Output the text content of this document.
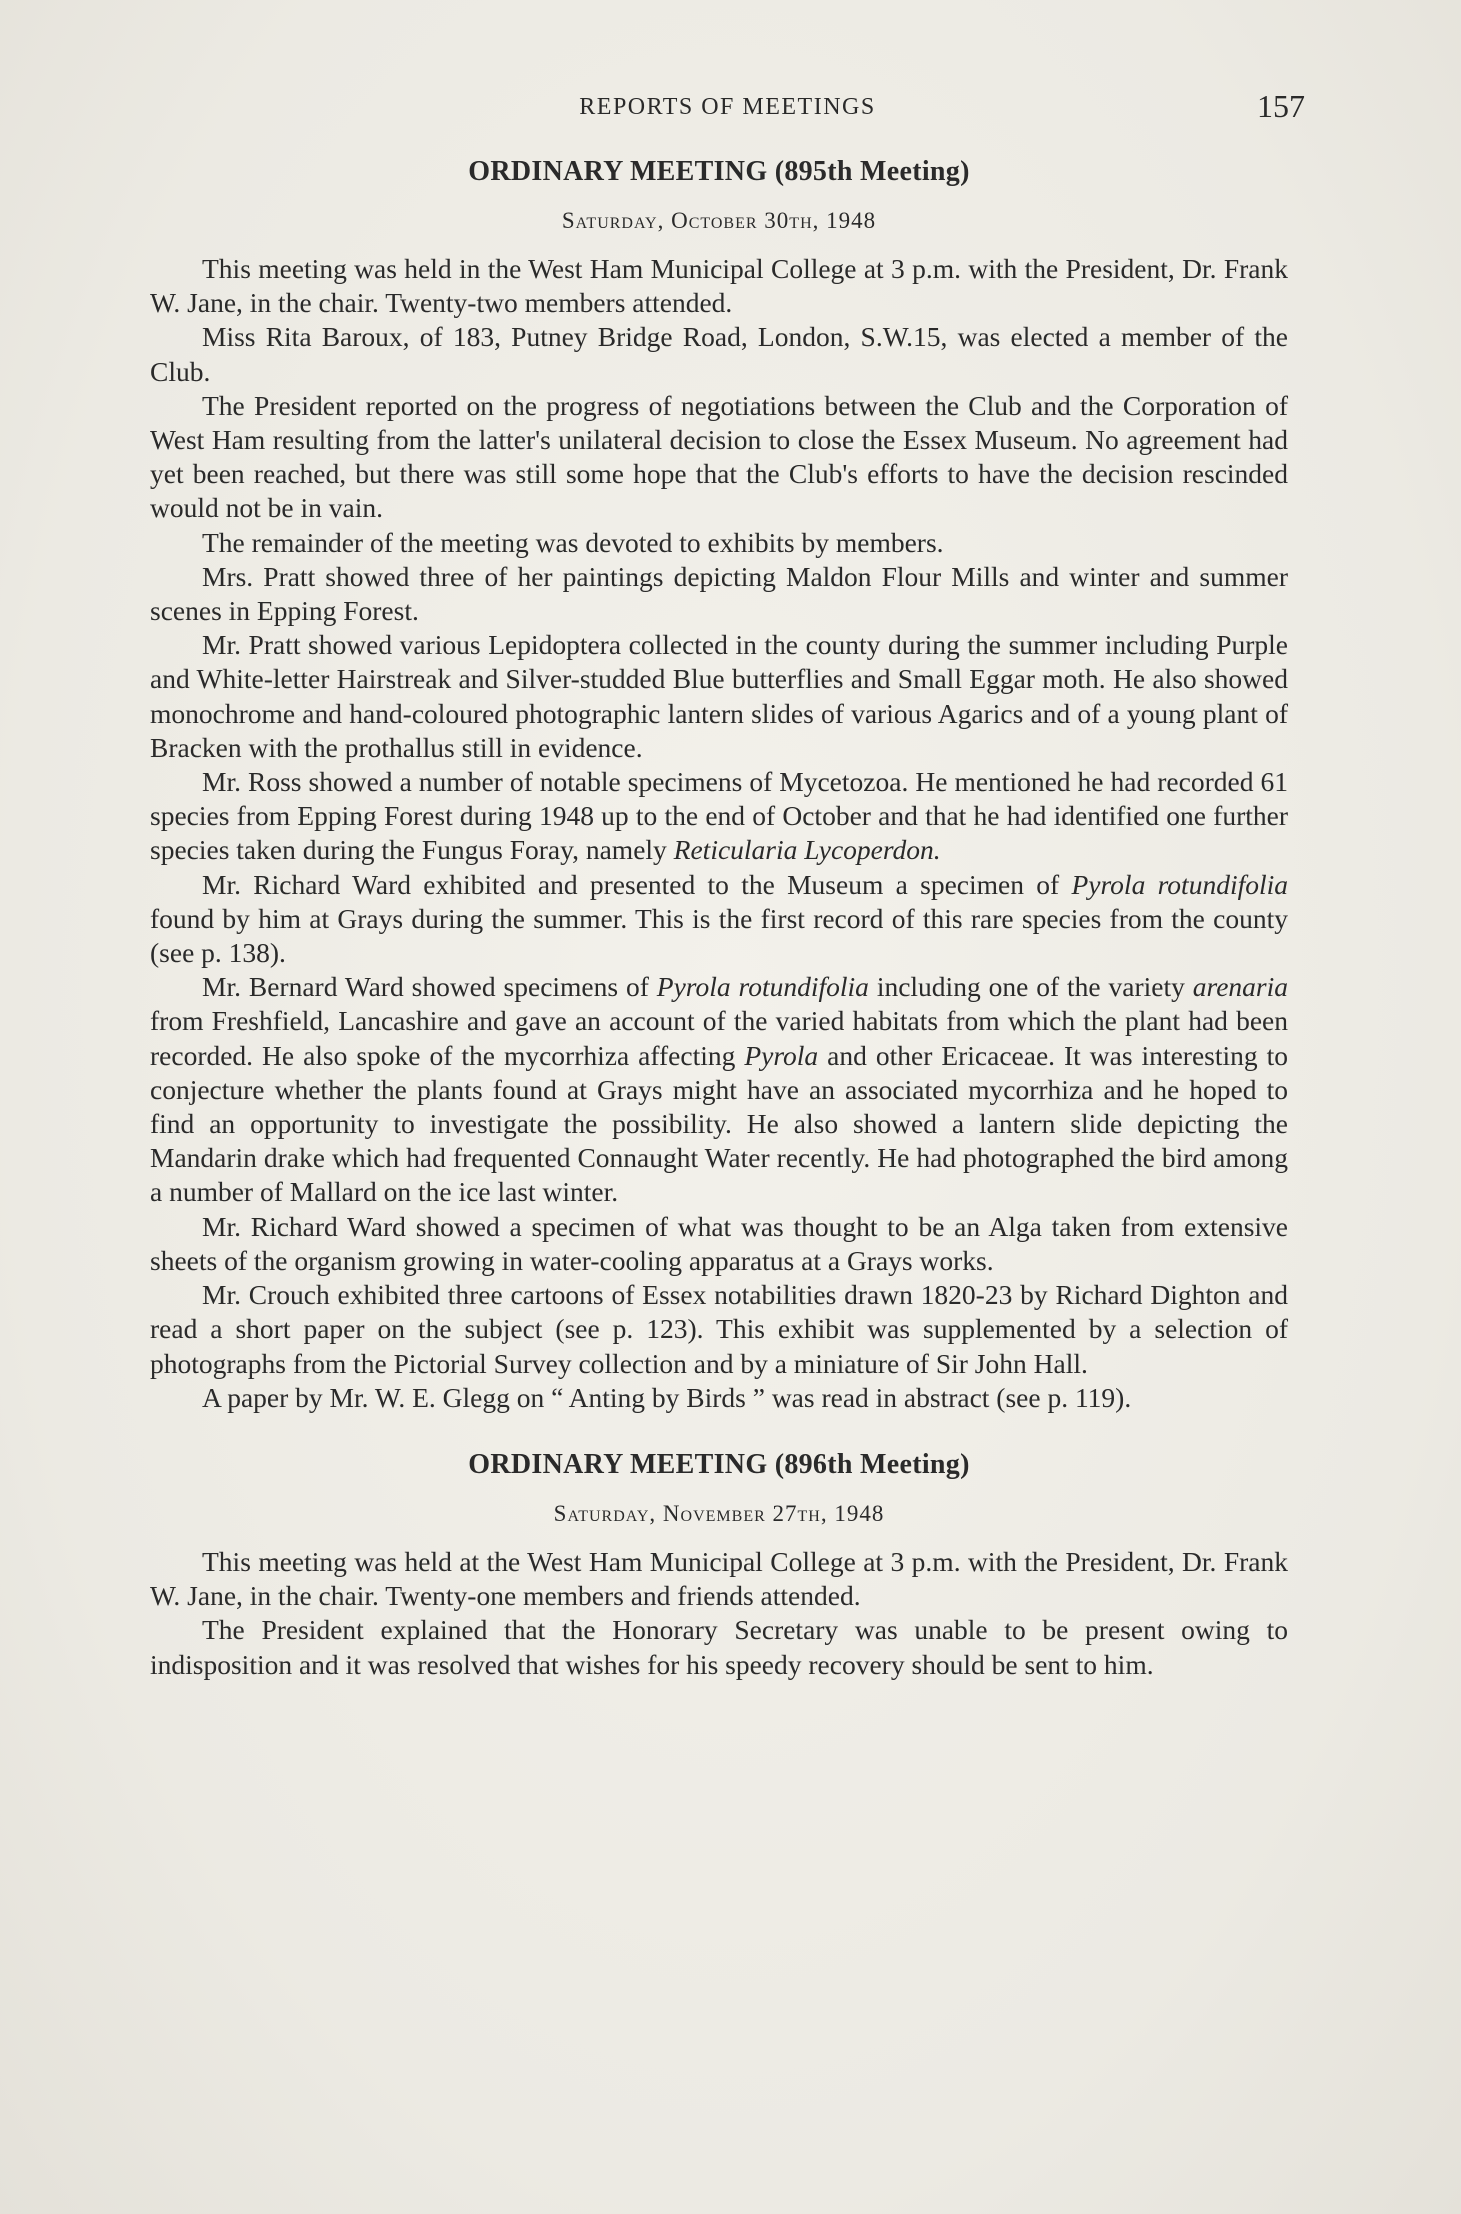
REPORTS OF MEETINGS	157
ORDINARY MEETING (895th Meeting)
Saturday, October 30th, 1948

This meeting was held in the West Ham Municipal College at 3 p.m. with the President, Dr. Frank W. Jane, in the chair. Twenty-two members attended.

Miss Rita Baroux, of 183, Putney Bridge Road, London, S.W.15, was elected a member of the Club.

The President reported on the progress of negotiations between the Club and the Corporation of West Ham resulting from the latter's unilateral decision to close the Essex Museum. No agreement had yet been reached, but there was still some hope that the Club's efforts to have the decision rescinded would not be in vain.

The remainder of the meeting was devoted to exhibits by members.

Mrs. Pratt showed three of her paintings depicting Maldon Flour Mills and winter and summer scenes in Epping Forest.

Mr. Pratt showed various Lepidoptera collected in the county during the summer including Purple and White-letter Hairstreak and Silver-studded Blue butterflies and Small Eggar moth. He also showed monochrome and hand-coloured photographic lantern slides of various Agarics and of a young plant of Bracken with the prothallus still in evidence.

Mr. Ross showed a number of notable specimens of Mycetozoa. He mentioned he had recorded 61 species from Epping Forest during 1948 up to the end of October and that he had identified one further species taken during the Fungus Foray, namely Reticularia Lycoperdon.

Mr. Richard Ward exhibited and presented to the Museum a specimen of Pyrola rotundifolia found by him at Grays during the summer. This is the first record of this rare species from the county (see p. 138).

Mr. Bernard Ward showed specimens of Pyrola rotundifolia including one of the variety arenaria from Freshfield, Lancashire and gave an account of the varied habitats from which the plant had been recorded. He also spoke of the mycorrhiza affecting Pyrola and other Ericaceae. It was interesting to conjecture whether the plants found at Grays might have an associated mycorrhiza and he hoped to find an opportunity to investigate the possibility. He also showed a lantern slide depicting the Mandarin drake which had frequented Connaught Water recently. He had photographed the bird among a number of Mallard on the ice last winter.

Mr. Richard Ward showed a specimen of what was thought to be an Alga taken from extensive sheets of the organism growing in water-cooling apparatus at a Grays works.

Mr. Crouch exhibited three cartoons of Essex notabilities drawn 1820-23 by Richard Dighton and read a short paper on the subject (see p. 123). This exhibit was supplemented by a selection of photographs from the Pictorial Survey collection and by a miniature of Sir John Hall.

A paper by Mr. W. E. Glegg on “ Anting by Birds ” was read in abstract (see p. 119).

ORDINARY MEETING (896th Meeting)
Saturday, November 27th, 1948

This meeting was held at the West Ham Municipal College at 3 p.m. with the President, Dr. Frank W. Jane, in the chair. Twenty-one members and friends attended.

The President explained that the Honorary Secretary was unable to be present owing to indisposition and it was resolved that wishes for his speedy recovery should be sent to him.
